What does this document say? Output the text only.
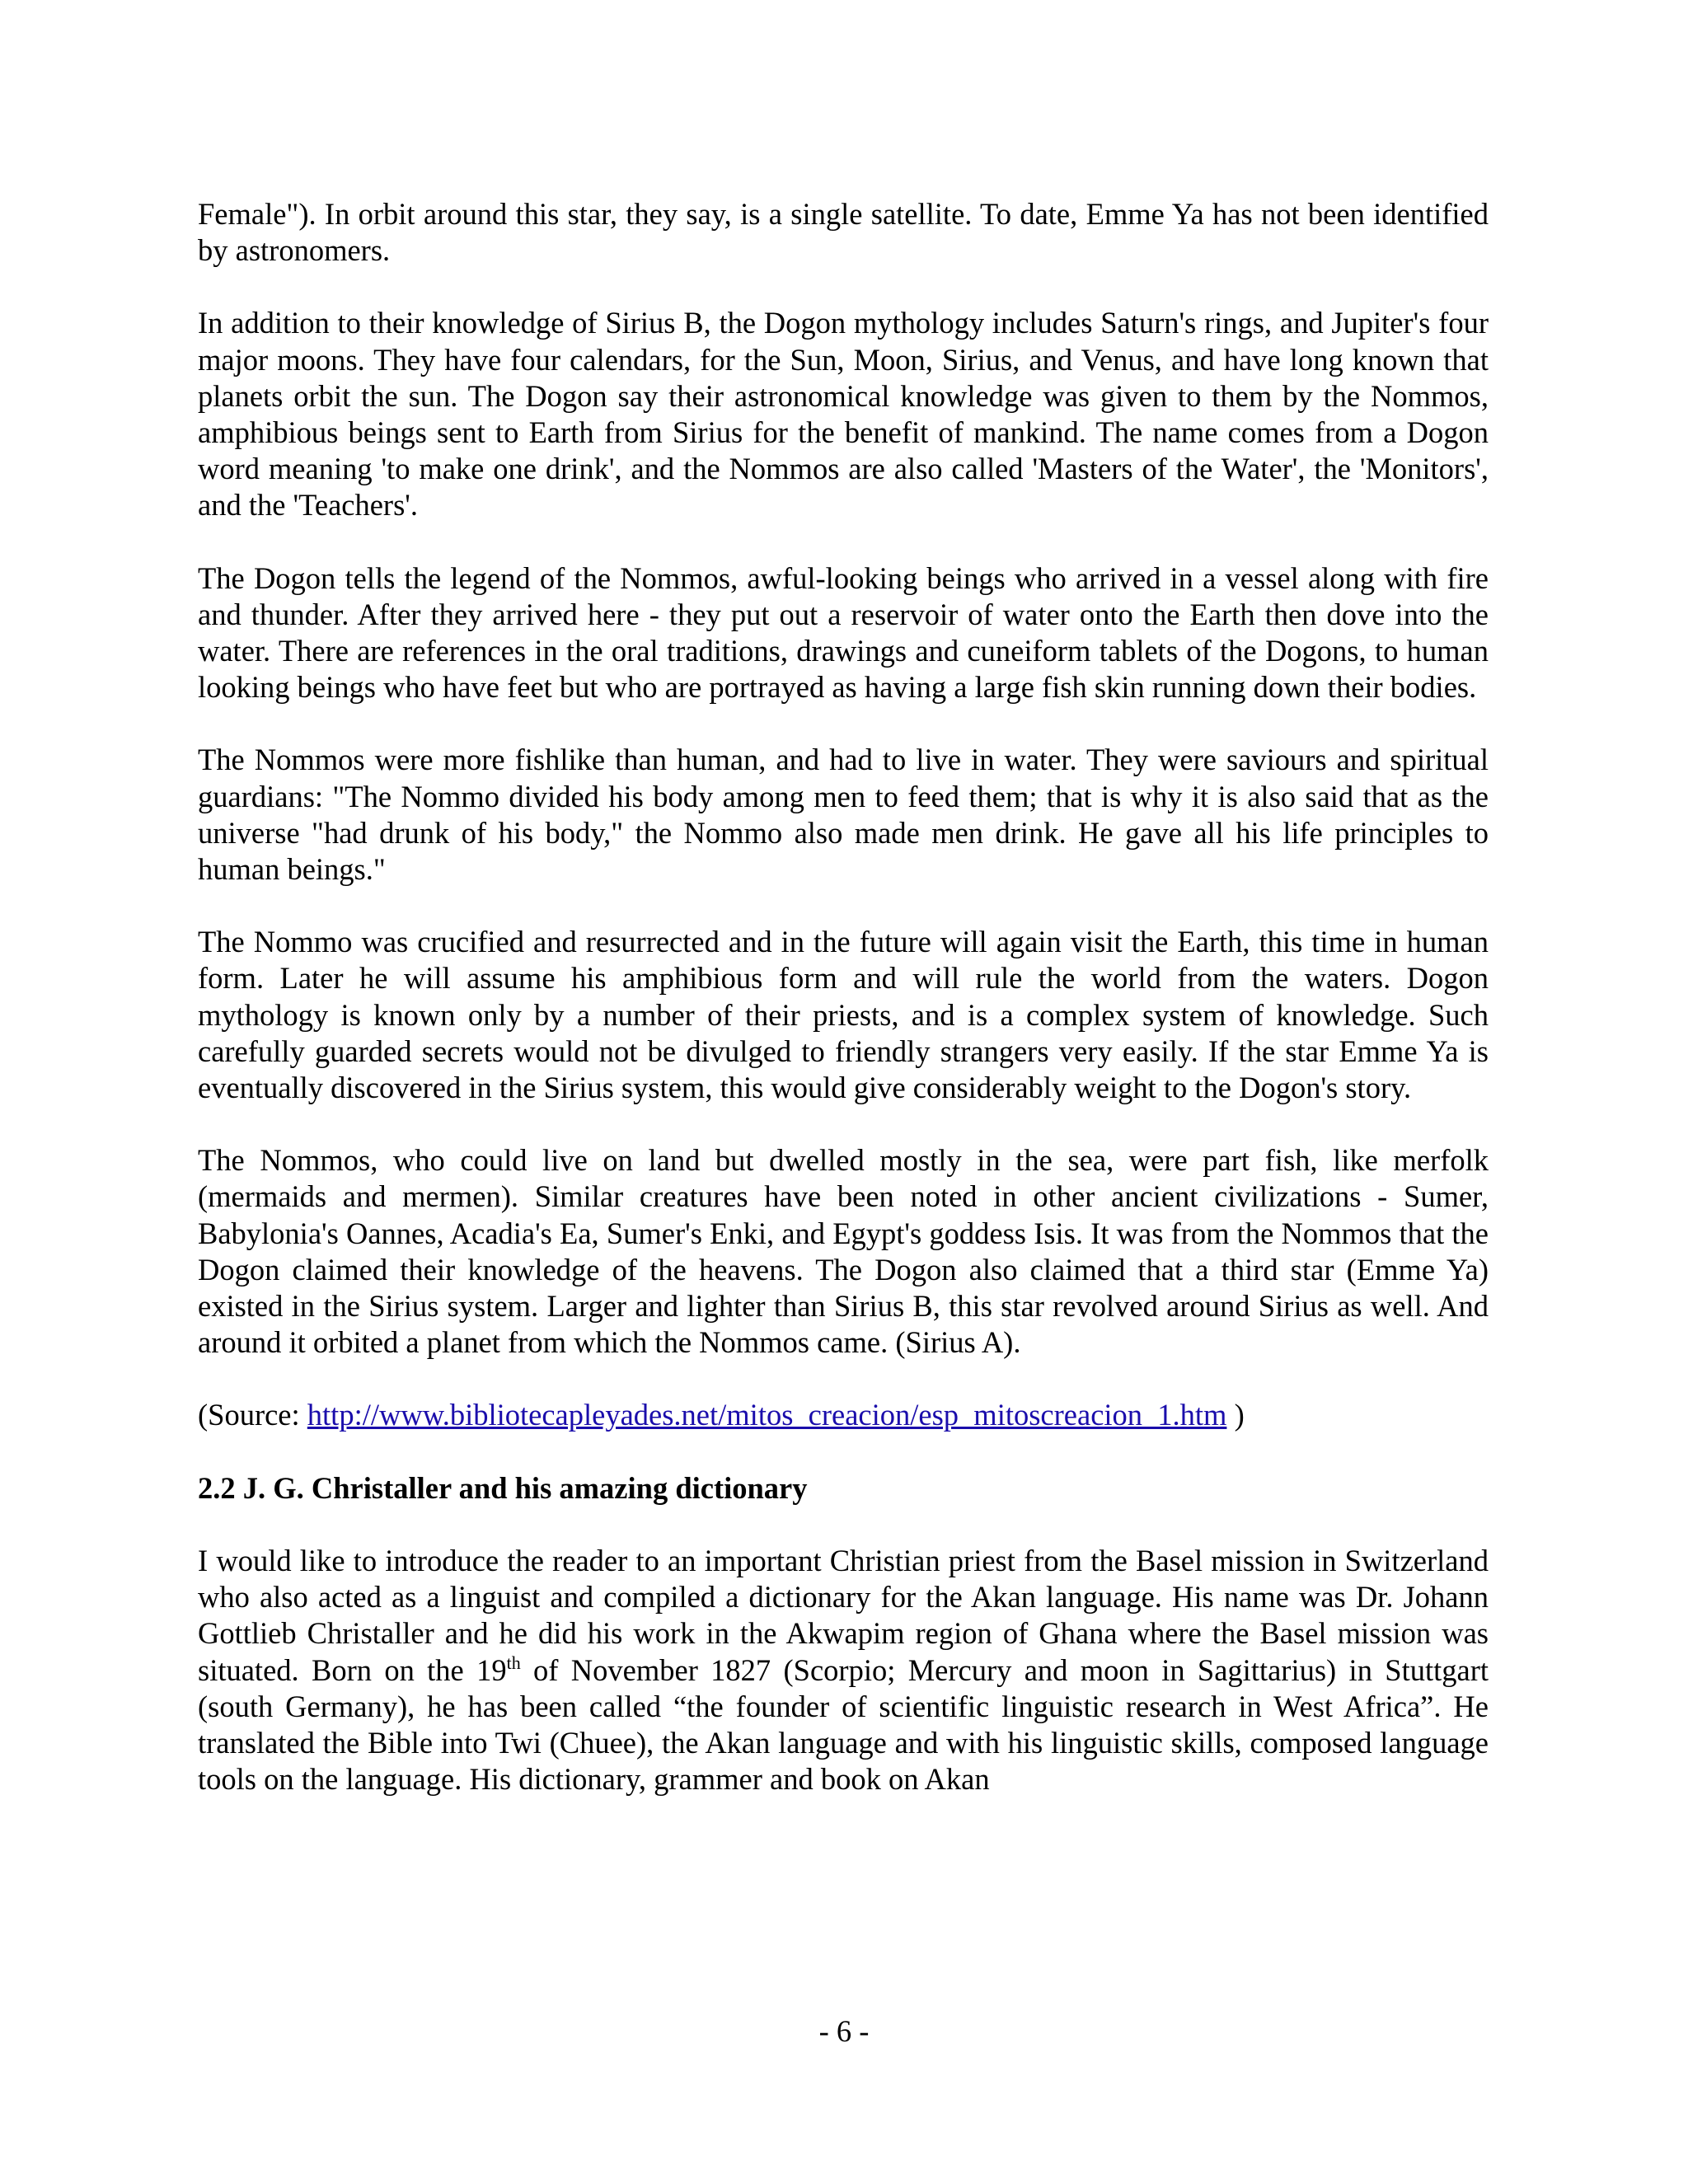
Female"). In orbit around this star, they say, is a single satellite. To date, Emme Ya has not been identified by astronomers.

In addition to their knowledge of Sirius B, the Dogon mythology includes Saturn's rings, and Jupiter's four major moons. They have four calendars, for the Sun, Moon, Sirius, and Venus, and have long known that planets orbit the sun. The Dogon say their astronomical knowledge was given to them by the Nommos, amphibious beings sent to Earth from Sirius for the benefit of mankind. The name comes from a Dogon word meaning 'to make one drink', and the Nommos are also called 'Masters of the Water', the 'Monitors', and the 'Teachers'.

The Dogon tells the legend of the Nommos, awful-looking beings who arrived in a vessel along with fire and thunder. After they arrived here - they put out a reservoir of water onto the Earth then dove into the water. There are references in the oral traditions, drawings and cuneiform tablets of the Dogons, to human looking beings who have feet but who are portrayed as having a large fish skin running down their bodies.

The Nommos were more fishlike than human, and had to live in water. They were saviours and spiritual guardians: "The Nommo divided his body among men to feed them; that is why it is also said that as the universe "had drunk of his body," the Nommo also made men drink. He gave all his life principles to human beings."

The Nommo was crucified and resurrected and in the future will again visit the Earth, this time in human form. Later he will assume his amphibious form and will rule the world from the waters. Dogon mythology is known only by a number of their priests, and is a complex system of knowledge. Such carefully guarded secrets would not be divulged to friendly strangers very easily. If the star Emme Ya is eventually discovered in the Sirius system, this would give considerably weight to the Dogon's story.

The Nommos, who could live on land but dwelled mostly in the sea, were part fish, like merfolk (mermaids and mermen). Similar creatures have been noted in other ancient civilizations - Sumer, Babylonia's Oannes, Acadia's Ea, Sumer's Enki, and Egypt's goddess Isis. It was from the Nommos that the Dogon claimed their knowledge of the heavens. The Dogon also claimed that a third star (Emme Ya) existed in the Sirius system. Larger and lighter than Sirius B, this star revolved around Sirius as well. And around it orbited a planet from which the Nommos came. (Sirius A).

(Source: http://www.bibliotecapleyades.net/mitos_creacion/esp_mitoscreacion_1.htm )

2.2 J. G. Christaller and his amazing dictionary

I would like to introduce the reader to an important Christian priest from the Basel mission in Switzerland who also acted as a linguist and compiled a dictionary for the Akan language. His name was Dr. Johann Gottlieb Christaller and he did his work in the Akwapim region of Ghana where the Basel mission was situated. Born on the 19th of November 1827 (Scorpio; Mercury and moon in Sagittarius) in Stuttgart (south Germany), he has been called “the founder of scientific linguistic research in West Africa”. He translated the Bible into Twi (Chuee), the Akan language and with his linguistic skills, composed language tools on the language. His dictionary, grammer and book on Akan

- 6 -
